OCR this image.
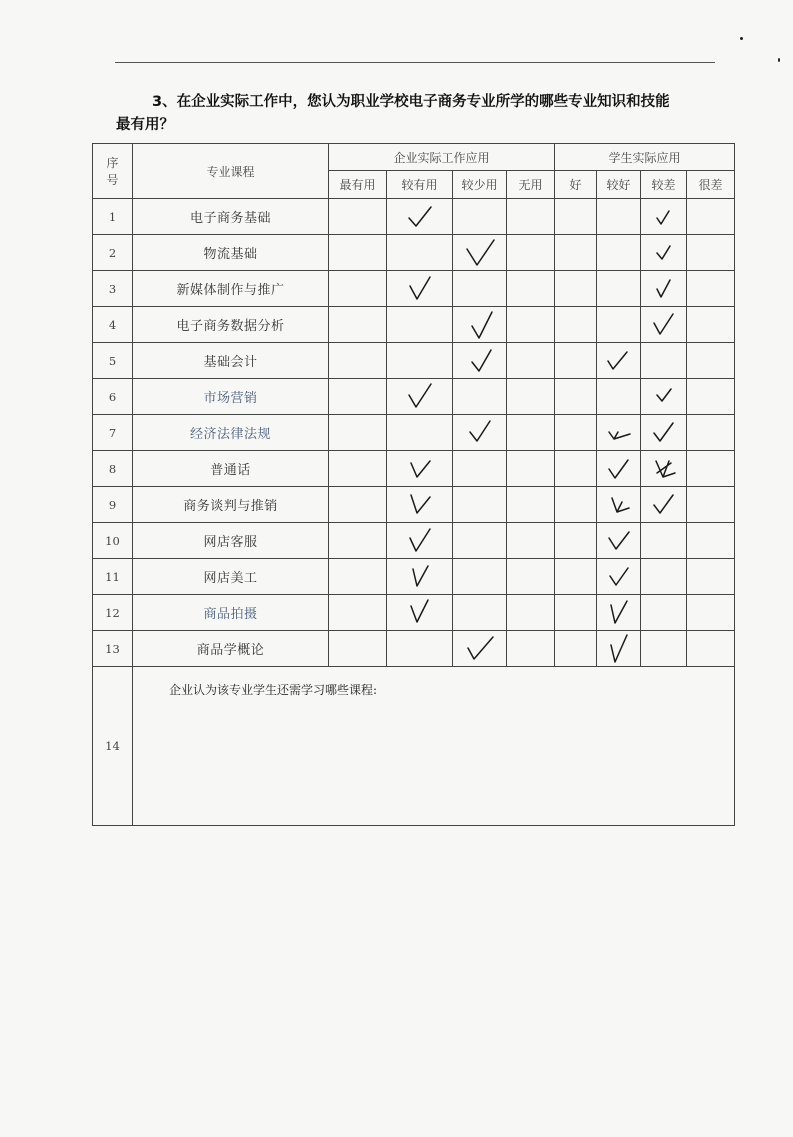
3、在企业实际工作中，您认为职业学校电子商务专业所学的哪些专业知识和技能
最有用？
序
号	专业课程	企业实际工作应用				学生实际应用			
		最有用	较有用	较少用	无用	好	较好	较差	很差
1	电子商务基础		

2	物流基础			

3	新媒体制作与推广		

4	电子商务数据分析			

5	基础会计			

6	市场营销		

7	经济法律法规			

8	普通话		

9	商务谈判与推销		

10	网店客服		

11	网店美工		

12	商品拍摄		

13	商品学概论			

14	企业认为该专业学生还需学习哪些课程:								
